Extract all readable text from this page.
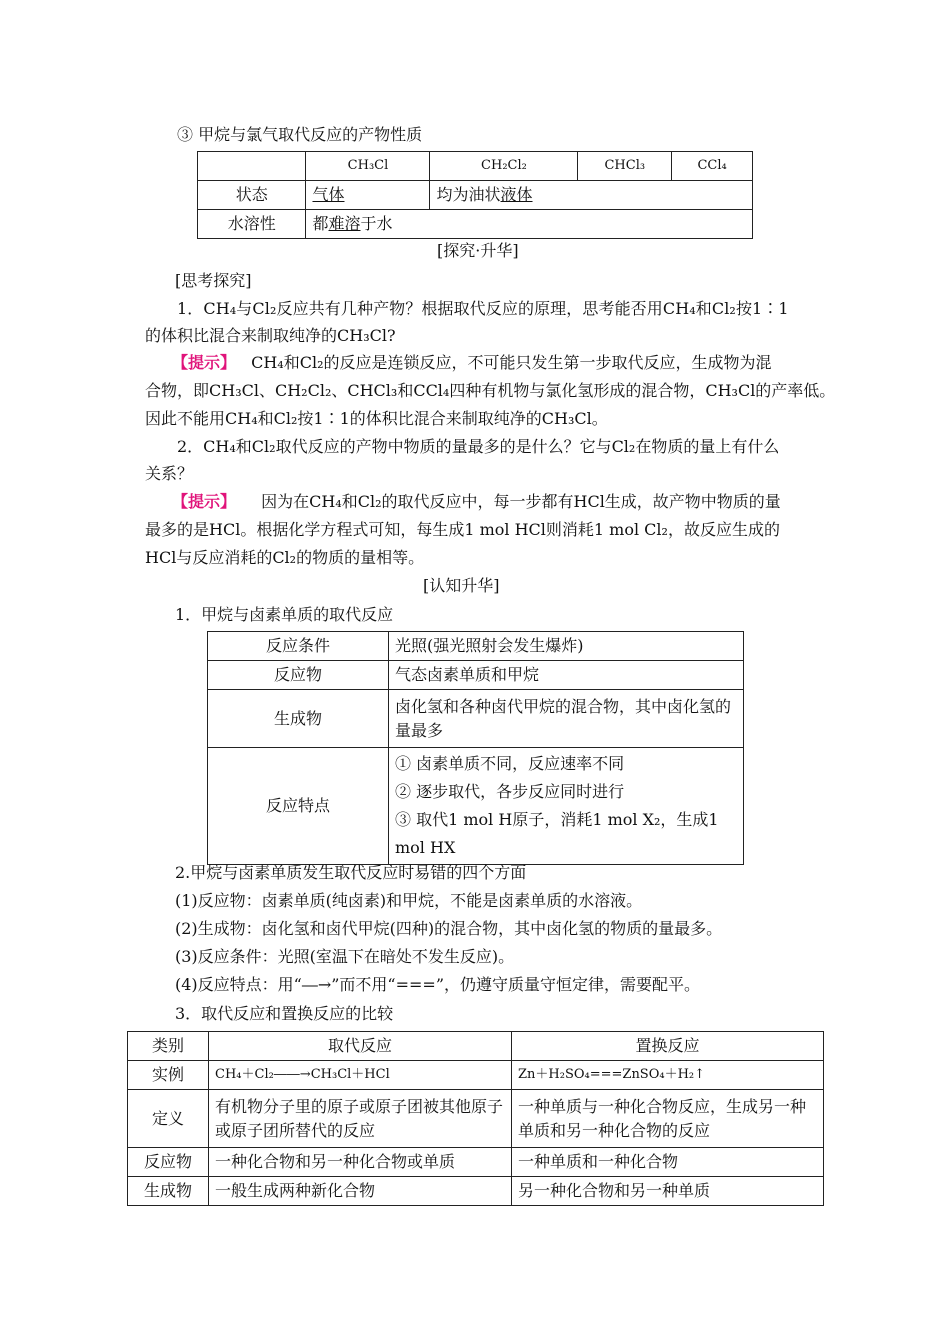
③ 甲烷与氯气取代反应的产物性质
	CH₃Cl	CH₂Cl₂	CHCl₃	CCl₄
状态	气体	均为油状液体		
水溶性	都难溶于水			
[探究·升华]
[思考探究]
1．CH₄与Cl₂反应共有几种产物？根据取代反应的原理，思考能否用CH₄和Cl₂按1∶1
的体积比混合来制取纯净的CH₃Cl?
【提示】 CH₄和Cl₂的反应是连锁反应，不可能只发生第一步取代反应，生成物为混
合物，即CH₃Cl、CH₂Cl₂、CHCl₃和CCl₄四种有机物与氯化氢形成的混合物，CH₃Cl的产率低。
因此不能用CH₄和Cl₂按1∶1的体积比混合来制取纯净的CH₃Cl。
2．CH₄和Cl₂取代反应的产物中物质的量最多的是什么？它与Cl₂在物质的量上有什么
关系？
【提示】 因为在CH₄和Cl₂的取代反应中，每一步都有HCl生成，故产物中物质的量
最多的是HCl。根据化学方程式可知，每生成1 mol HCl则消耗1 mol Cl₂，故反应生成的
HCl与反应消耗的Cl₂的物质的量相等。
[认知升华]
1．甲烷与卤素单质的取代反应
反应条件	光照(强光照射会发生爆炸)
反应物	气态卤素单质和甲烷
生成物	卤化氢和各种卤代甲烷的混合物，其中卤化氢的量最多
反应特点	① 卤素单质不同，反应速率不同
② 逐步取代，各步反应同时进行
③ 取代1 mol H原子，消耗1 mol X₂，生成1 mol HX
2.甲烷与卤素单质发生取代反应时易错的四个方面
(1)反应物：卤素单质(纯卤素)和甲烷，不能是卤素单质的水溶液。
(2)生成物：卤化氢和卤代甲烷(四种)的混合物，其中卤化氢的物质的量最多。
(3)反应条件：光照(室温下在暗处不发生反应)。
(4)反应特点：用“―→”而不用“===”，仍遵守质量守恒定律，需要配平。
3．取代反应和置换反应的比较
类别	取代反应	置换反应
实例	CH₄＋Cl₂――→CH₃Cl＋HCl	Zn＋H₂SO₄===ZnSO₄＋H₂↑
定义	有机物分子里的原子或原子团被其他原子或原子团所替代的反应	一种单质与一种化合物反应，生成另一种单质和另一种化合物的反应
反应物	一种化合物和另一种化合物或单质	一种单质和一种化合物
生成物	一般生成两种新化合物	另一种化合物和另一种单质
